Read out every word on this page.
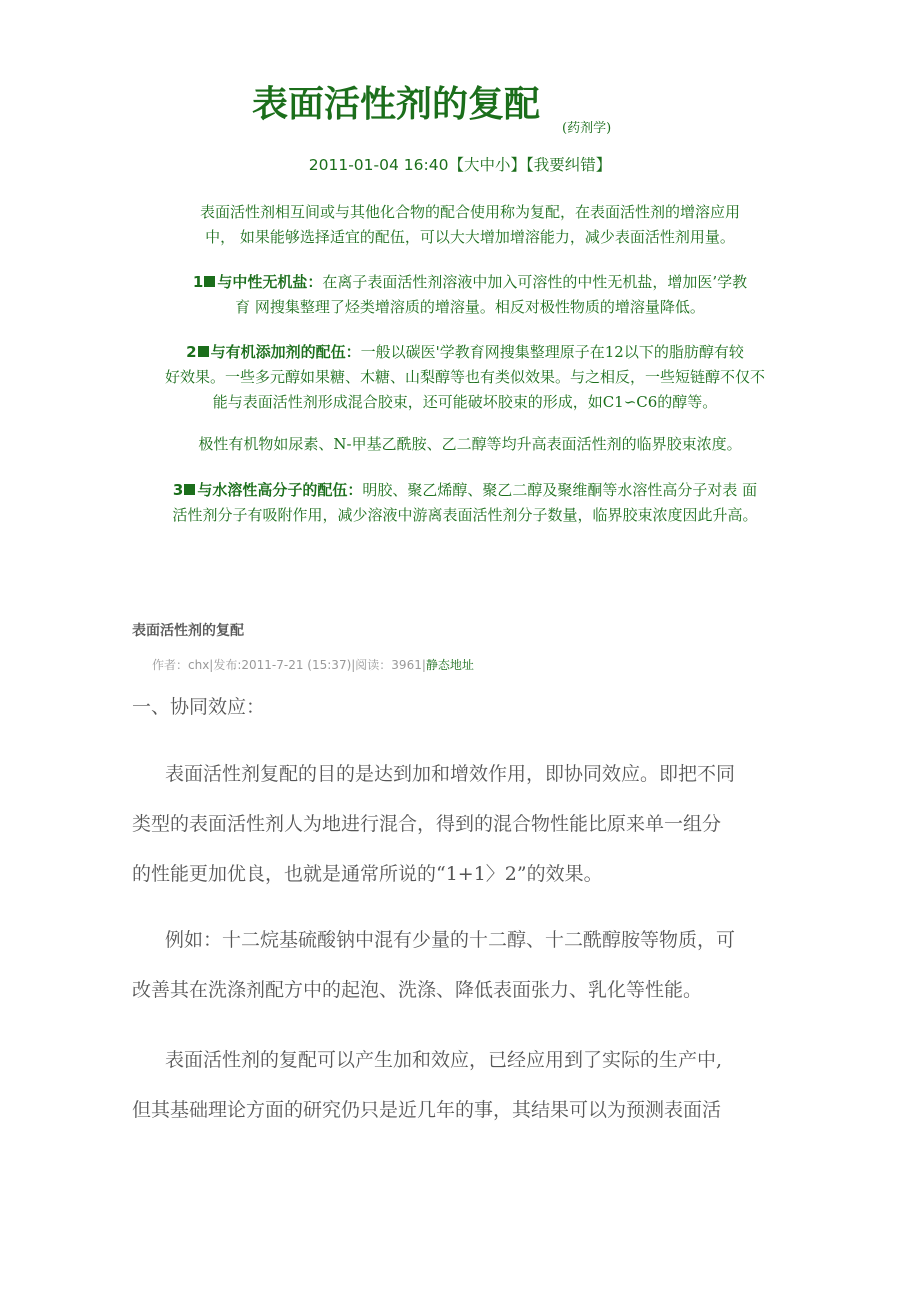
表面活性剂的复配
(药剂学)
2011-01-04 16:40【大中小】【我要纠错】
表面活性剂相互间或与其他化合物的配合使用称为复配，在表面活性剂的增溶应用
中， 如果能够选择适宜的配伍，可以大大增加增溶能力，减少表面活性剂用量。
1 与中性无机盐：在离子表面活性剂溶液中加入可溶性的中性无机盐，增加医’学教
育 网搜集整理了烃类增溶质的增溶量。相反对极性物质的增溶量降低。
2 与有机添加剂的配伍：一般以碳医'学教育网搜集整理原子在12以下的脂肪醇有较
好效果。一些多元醇如果糖、木糖、山梨醇等也有类似效果。与之相反，一些短链醇不仅不
能与表面活性剂形成混合胶束，还可能破坏胶束的形成，如C1∽C6的醇等。
极性有机物如尿素、N-甲基乙酰胺、乙二醇等均升高表面活性剂的临界胶束浓度。
3 与水溶性高分子的配伍：明胶、聚乙烯醇、聚乙二醇及聚维酮等水溶性高分子对表 面
活性剂分子有吸附作用，减少溶液中游离表面活性剂分子数量，临界胶束浓度因此升高。
表面活性剂的复配
作者：chx|发布:2011-7-21 (15:37)|阅读：3961|静态地址
一、协同效应：
表面活性剂复配的目的是达到加和增效作用，即协同效应。即把不同
类型的表面活性剂人为地进行混合，得到的混合物性能比原来单一组分
的性能更加优良，也就是通常所说的“1+1〉2”的效果。
例如：十二烷基硫酸钠中混有少量的十二醇、十二酰醇胺等物质，可
改善其在洗涤剂配方中的起泡、洗涤、降低表面张力、乳化等性能。
表面活性剂的复配可以产生加和效应，已经应用到了实际的生产中,
但其基础理论方面的研究仍只是近几年的事，其结果可以为预测表面活
